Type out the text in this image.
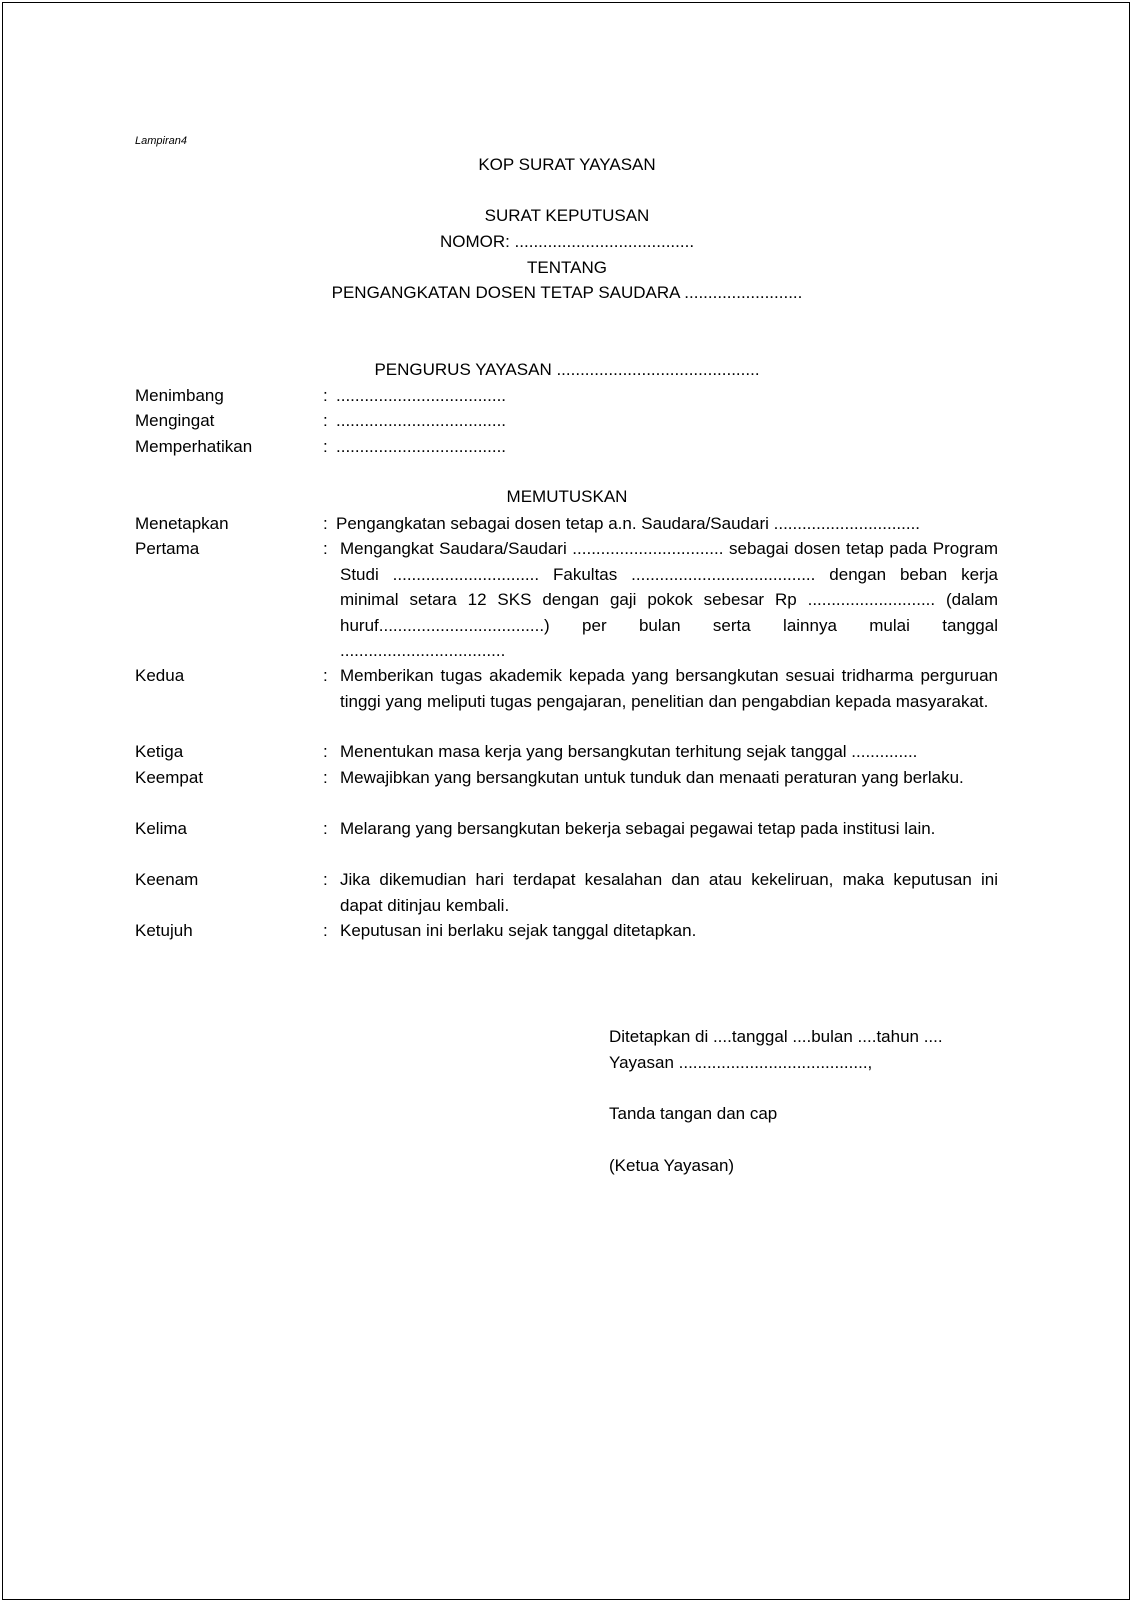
Lampiran4
KOP SURAT YAYASAN
SURAT KEPUTUSAN
NOMOR: ......................................
TENTANG
PENGANGKATAN DOSEN TETAP SAUDARA .........................
PENGURUS YAYASAN ...........................................
Menimbang	: ....................................
Mengingat	: ....................................
Memperhatikan	: ....................................
MEMUTUSKAN
Menetapkan	: Pengangkatan sebagai dosen tetap a.n. Saudara/Saudari ...............................
Pertama	: Mengangkat Saudara/Saudari ................................ sebagai dosen tetap pada Program Studi ............................... Fakultas ....................................... dengan beban kerja minimal setara 12 SKS dengan gaji pokok sebesar Rp ........................... (dalam huruf...................................) per bulan serta lainnya mulai tanggal ...................................
Kedua	: Memberikan tugas akademik kepada yang bersangkutan sesuai tridharma perguruan tinggi yang meliputi tugas pengajaran, penelitian dan pengabdian kepada masyarakat.
Ketiga	: Menentukan masa kerja yang bersangkutan terhitung sejak tanggal ..............
Keempat	: Mewajibkan yang bersangkutan untuk tunduk dan menaati peraturan yang berlaku.
Kelima	: Melarang yang bersangkutan bekerja sebagai pegawai tetap pada institusi lain.
Keenam	: Jika dikemudian hari terdapat kesalahan dan atau kekeliruan, maka keputusan ini dapat ditinjau kembali.
Ketujuh	: Keputusan ini berlaku sejak tanggal ditetapkan.
Ditetapkan di ....tanggal ....bulan ....tahun ....
Yayasan ........................................,
Tanda tangan dan cap
(Ketua Yayasan)
